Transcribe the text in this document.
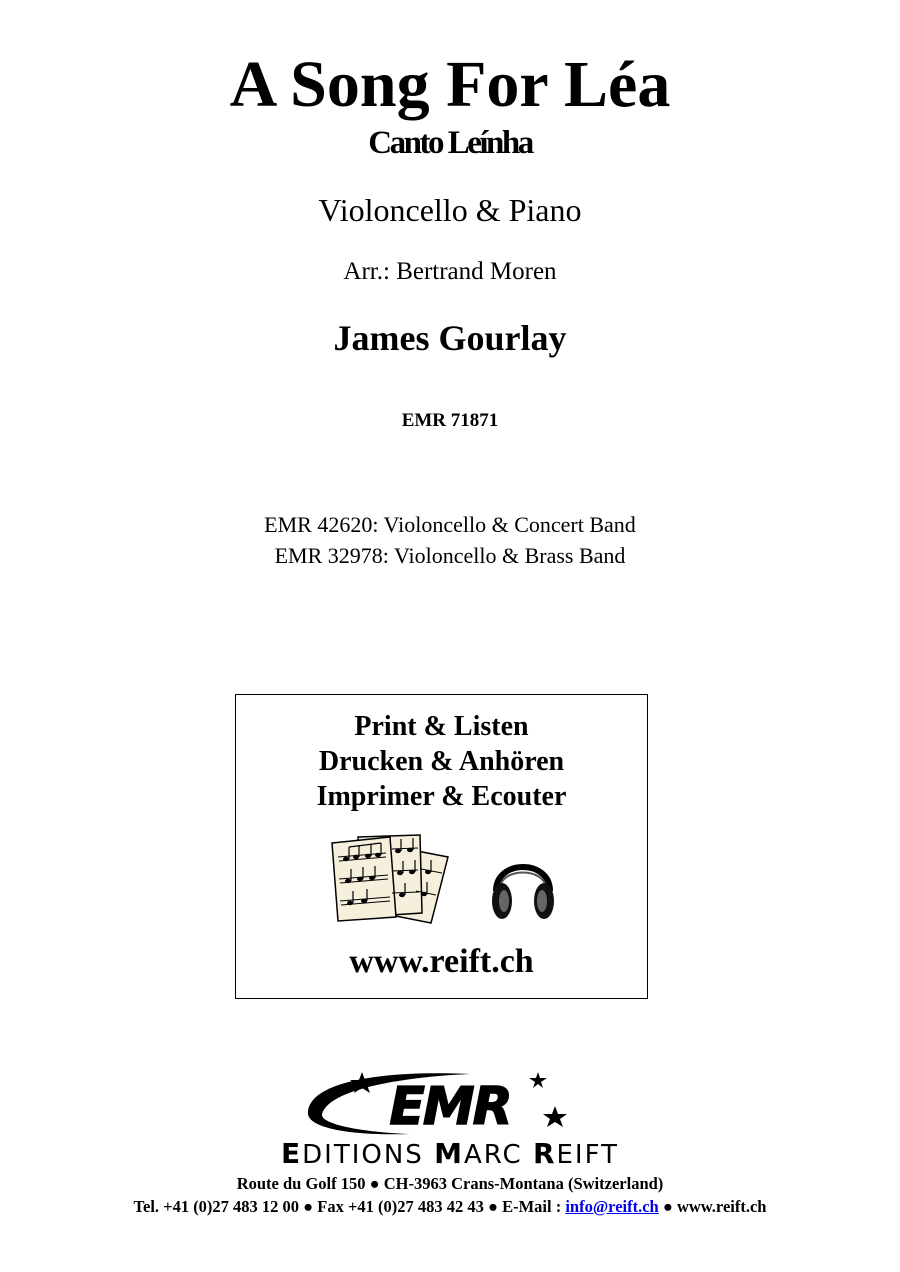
A Song For Léa
Canto Leínha
Violoncello & Piano
Arr.: Bertrand Moren
James Gourlay
EMR 71871
EMR 42620: Violoncello & Concert Band
EMR 32978: Violoncello & Brass Band
Print & Listen
Drucken & Anhören
Imprimer & Ecouter
www.reift.ch
EMR
EDITIONS MARC REIFT
Route du Golf 150 ● CH-3963 Crans-Montana (Switzerland)
Tel. +41 (0)27 483 12 00 ● Fax +41 (0)27 483 42 43 ● E-Mail : info@reift.ch ● www.reift.ch
